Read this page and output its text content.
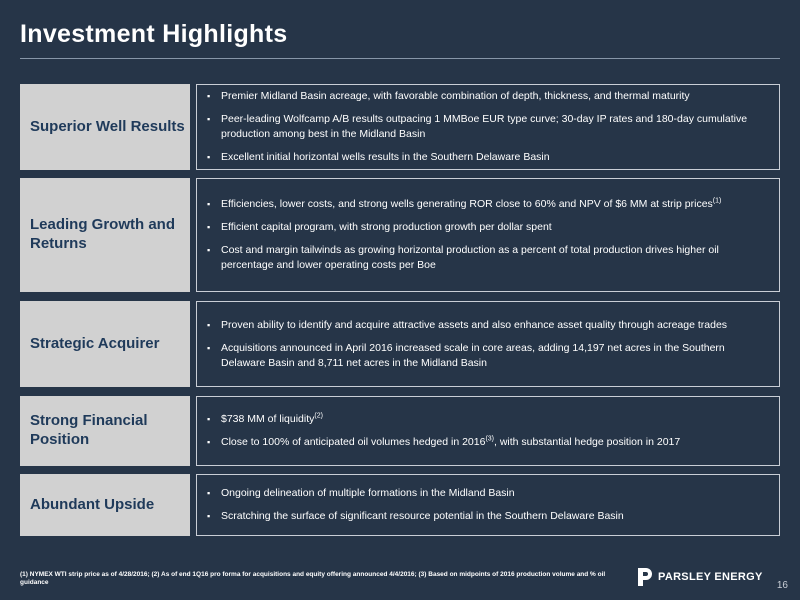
Investment Highlights
Superior Well Results
▪ Premier Midland Basin acreage, with favorable combination of depth, thickness, and thermal maturity
▪ Peer-leading Wolfcamp A/B results outpacing 1 MMBoe EUR type curve; 30-day IP rates and 180-day cumulative production among best in the Midland Basin
▪ Excellent initial horizontal wells results in the Southern Delaware Basin
Leading Growth and Returns
▪ Efficiencies, lower costs, and strong wells generating ROR close to 60% and NPV of $6 MM at strip prices$^{(1)}$
▪ Efficient capital program, with strong production growth per dollar spent
▪ Cost and margin tailwinds as growing horizontal production as a percent of total production drives higher oil percentage and lower operating costs per Boe
Strategic Acquirer
▪ Proven ability to identify and acquire attractive assets and also enhance asset quality through acreage trades
▪ Acquisitions announced in April 2016 increased scale in core areas, adding 14,197 net acres in the Southern Delaware Basin and 8,711 net acres in the Midland Basin
Strong Financial Position
▪ $738 MM of liquidity$^{(2)}$
▪ Close to 100% of anticipated oil volumes hedged in 2016$^{(3)}$, with substantial hedge position in 2017
Abundant Upside
▪ Ongoing delineation of multiple formations in the Midland Basin
▪ Scratching the surface of significant resource potential in the Southern Delaware Basin
(1) NYMEX WTI strip price as of 4/28/2016; (2) As of end 1Q16 pro forma for acquisitions and equity offering announced 4/4/2016; (3) Based on midpoints of 2016 production volume and % oil guidance	PARSLEY ENERGY
16
